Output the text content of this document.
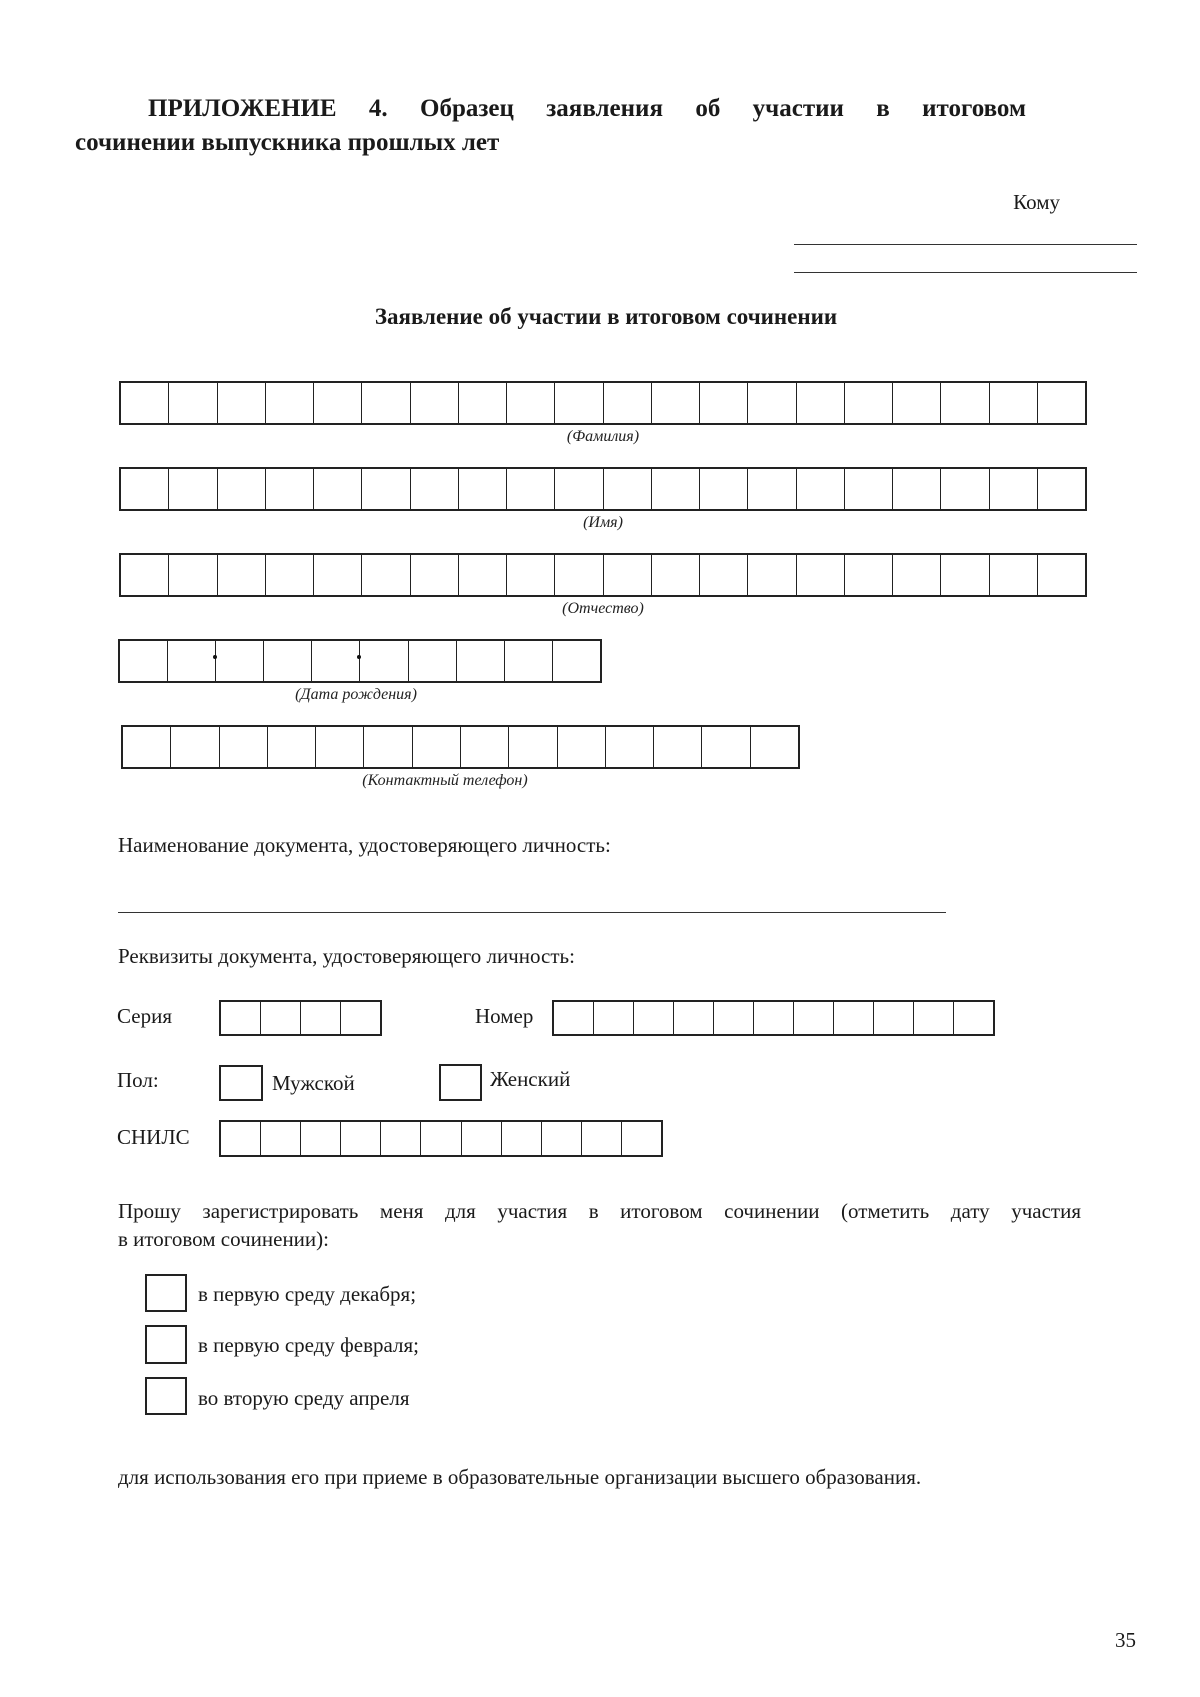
ПРИЛОЖЕНИЕ 4. Образец заявления об участии в итоговом
сочинении выпускника прошлых лет
Кому
Заявление об участии в итоговом сочинении
(Фамилия)
(Имя)
(Отчество)
(Дата рождения)
(Контактный телефон)
Наименование документа, удостоверяющего личность:
Реквизиты документа, удостоверяющего личность:
Серия	Номер
Пол:	Мужской	Женский
СНИЛС
Прошу зарегистрировать меня для участия в итоговом сочинении (отметить дату участия
в итоговом сочинении):
в первую среду декабря;
в первую среду февраля;
во вторую среду апреля
для использования его при приеме в образовательные организации высшего образования.
35
